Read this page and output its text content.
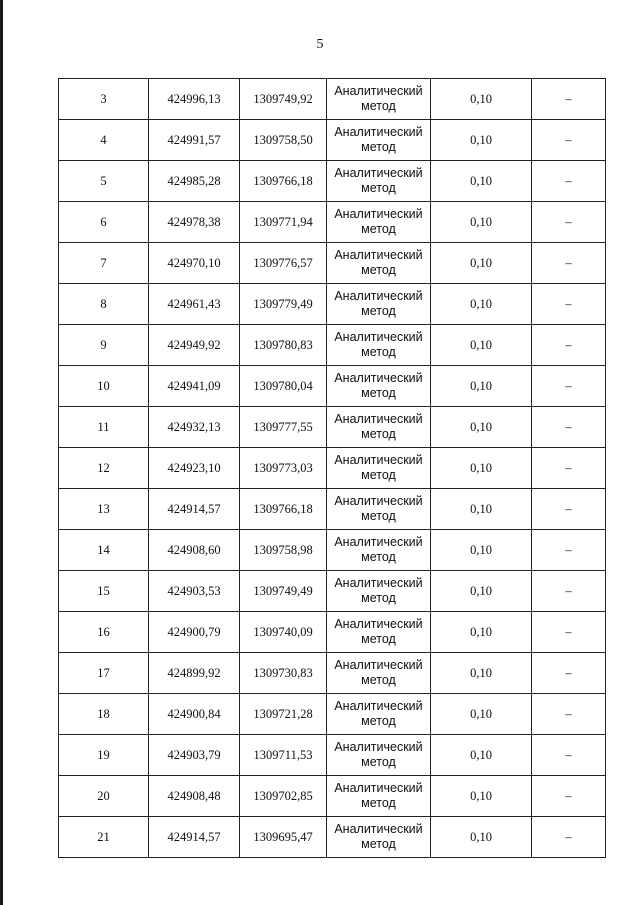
5
3	424996,13	1309749,92	Аналитический
метод	0,10	–
4	424991,57	1309758,50	Аналитический
метод	0,10	–
5	424985,28	1309766,18	Аналитический
метод	0,10	–
6	424978,38	1309771,94	Аналитический
метод	0,10	–
7	424970,10	1309776,57	Аналитический
метод	0,10	–
8	424961,43	1309779,49	Аналитический
метод	0,10	–
9	424949,92	1309780,83	Аналитический
метод	0,10	–
10	424941,09	1309780,04	Аналитический
метод	0,10	–
11	424932,13	1309777,55	Аналитический
метод	0,10	–
12	424923,10	1309773,03	Аналитический
метод	0,10	–
13	424914,57	1309766,18	Аналитический
метод	0,10	–
14	424908,60	1309758,98	Аналитический
метод	0,10	–
15	424903,53	1309749,49	Аналитический
метод	0,10	–
16	424900,79	1309740,09	Аналитический
метод	0,10	–
17	424899,92	1309730,83	Аналитический
метод	0,10	–
18	424900,84	1309721,28	Аналитический
метод	0,10	–
19	424903,79	1309711,53	Аналитический
метод	0,10	–
20	424908,48	1309702,85	Аналитический
метод	0,10	–
21	424914,57	1309695,47	Аналитический
метод	0,10	–
